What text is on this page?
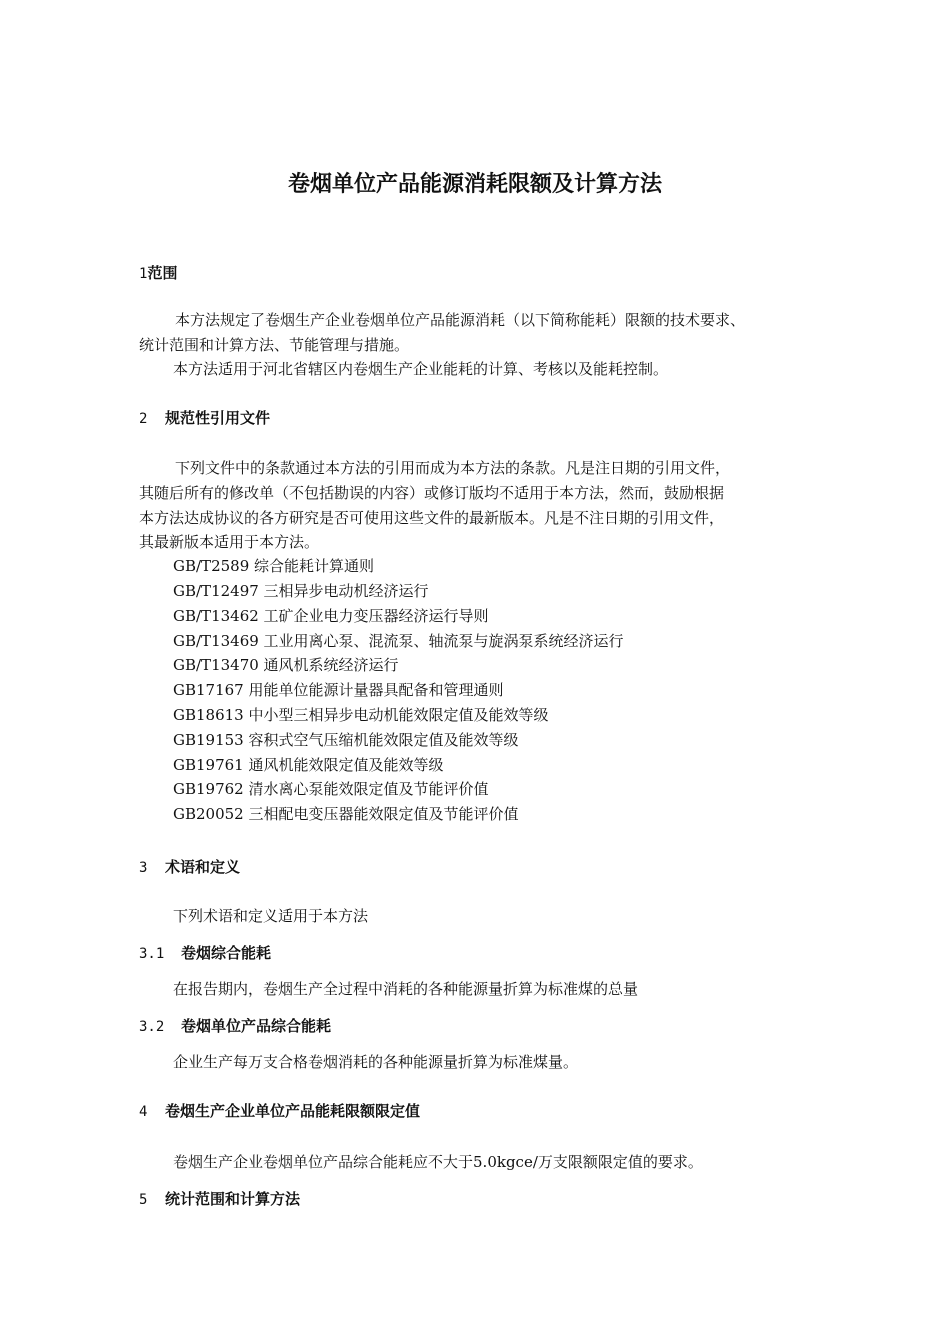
卷烟单位产品能源消耗限额及计算方法
1范围
本方法规定了卷烟生产企业卷烟单位产品能源消耗（以下简称能耗）限额的技术要求、
统计范围和计算方法、节能管理与措施。
本方法适用于河北省辖区内卷烟生产企业能耗的计算、考核以及能耗控制。
2 规范性引用文件
下列文件中的条款通过本方法的引用而成为本方法的条款。凡是注日期的引用文件，
其随后所有的修改单（不包括勘误的内容）或修订版均不适用于本方法，然而，鼓励根据
本方法达成协议的各方研究是否可使用这些文件的最新版本。凡是不注日期的引用文件，
其最新版本适用于本方法。
GB/T2589 综合能耗计算通则
GB/T12497 三相异步电动机经济运行
GB/T13462 工矿企业电力变压器经济运行导则
GB/T13469 工业用离心泵、混流泵、轴流泵与旋涡泵系统经济运行
GB/T13470 通风机系统经济运行
GB17167 用能单位能源计量器具配备和管理通则
GB18613 中小型三相异步电动机能效限定值及能效等级
GB19153 容积式空气压缩机能效限定值及能效等级
GB19761 通风机能效限定值及能效等级
GB19762 清水离心泵能效限定值及节能评价值
GB20052 三相配电变压器能效限定值及节能评价值
3 术语和定义
下列术语和定义适用于本方法
3.1 卷烟综合能耗
在报告期内，卷烟生产全过程中消耗的各种能源量折算为标准煤的总量
3.2 卷烟单位产品综合能耗
企业生产每万支合格卷烟消耗的各种能源量折算为标准煤量。
4 卷烟生产企业单位产品能耗限额限定值
卷烟生产企业卷烟单位产品综合能耗应不大于5.0kgce/万支限额限定值的要求。
5 统计范围和计算方法
